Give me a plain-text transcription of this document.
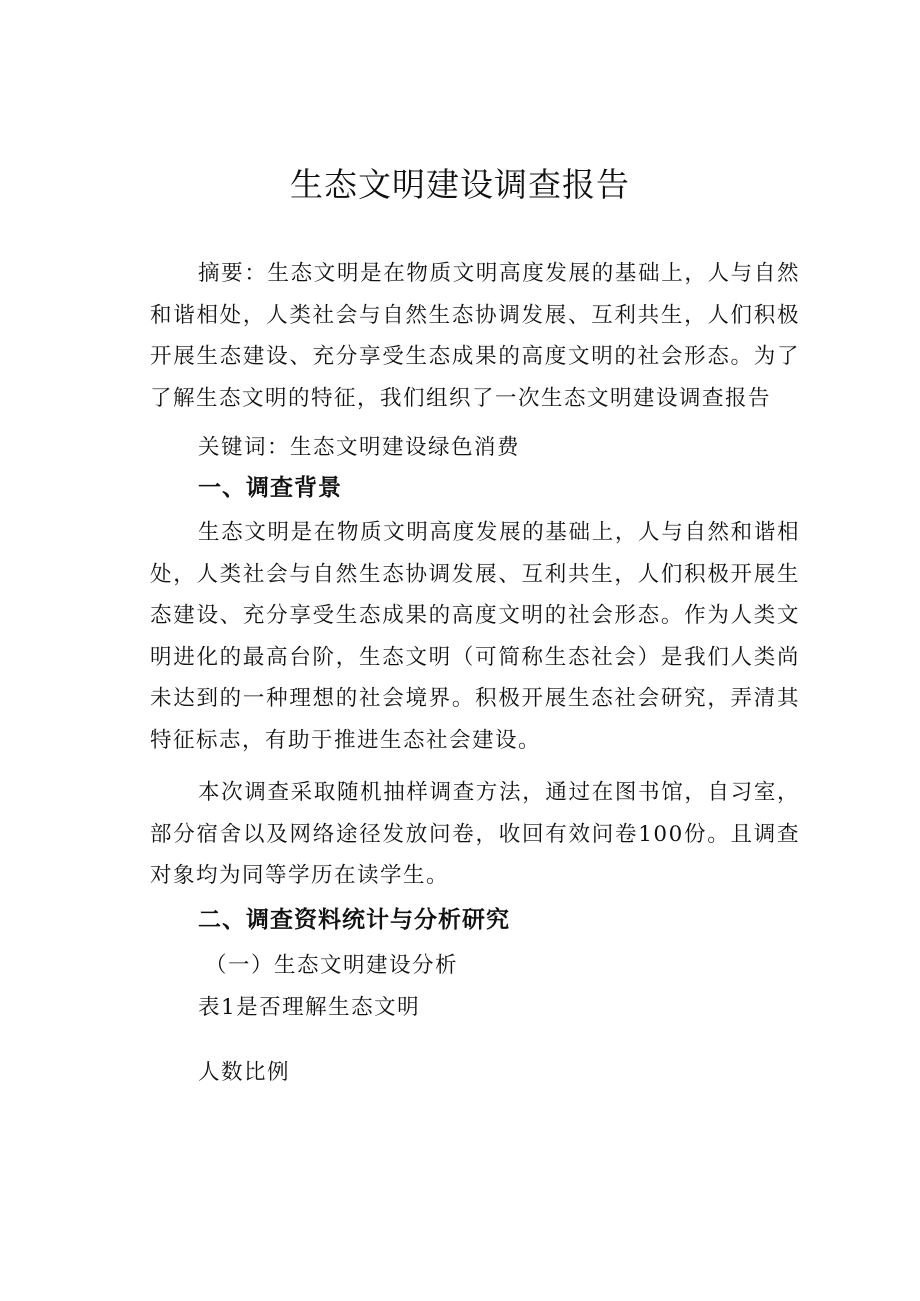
生态文明建设调查报告

摘要：生态文明是在物质文明高度发展的基础上，人与自然和谐相处，人类社会与自然生态协调发展、互利共生，人们积极开展生态建设、充分享受生态成果的高度文明的社会形态。为了了解生态文明的特征，我们组织了一次生态文明建设调查报告

关键词：生态文明建设绿色消费

一、调查背景

生态文明是在物质文明高度发展的基础上，人与自然和谐相处，人类社会与自然生态协调发展、互利共生，人们积极开展生态建设、充分享受生态成果的高度文明的社会形态。作为人类文明进化的最高台阶，生态文明（可简称生态社会）是我们人类尚未达到的一种理想的社会境界。积极开展生态社会研究，弄清其特征标志，有助于推进生态社会建设。

本次调查采取随机抽样调查方法，通过在图书馆，自习室，部分宿舍以及网络途径发放问卷，收回有效问卷100份。且调查对象均为同等学历在读学生。

二、调查资料统计与分析研究

（一）生态文明建设分析

表1是否理解生态文明

人数比例
